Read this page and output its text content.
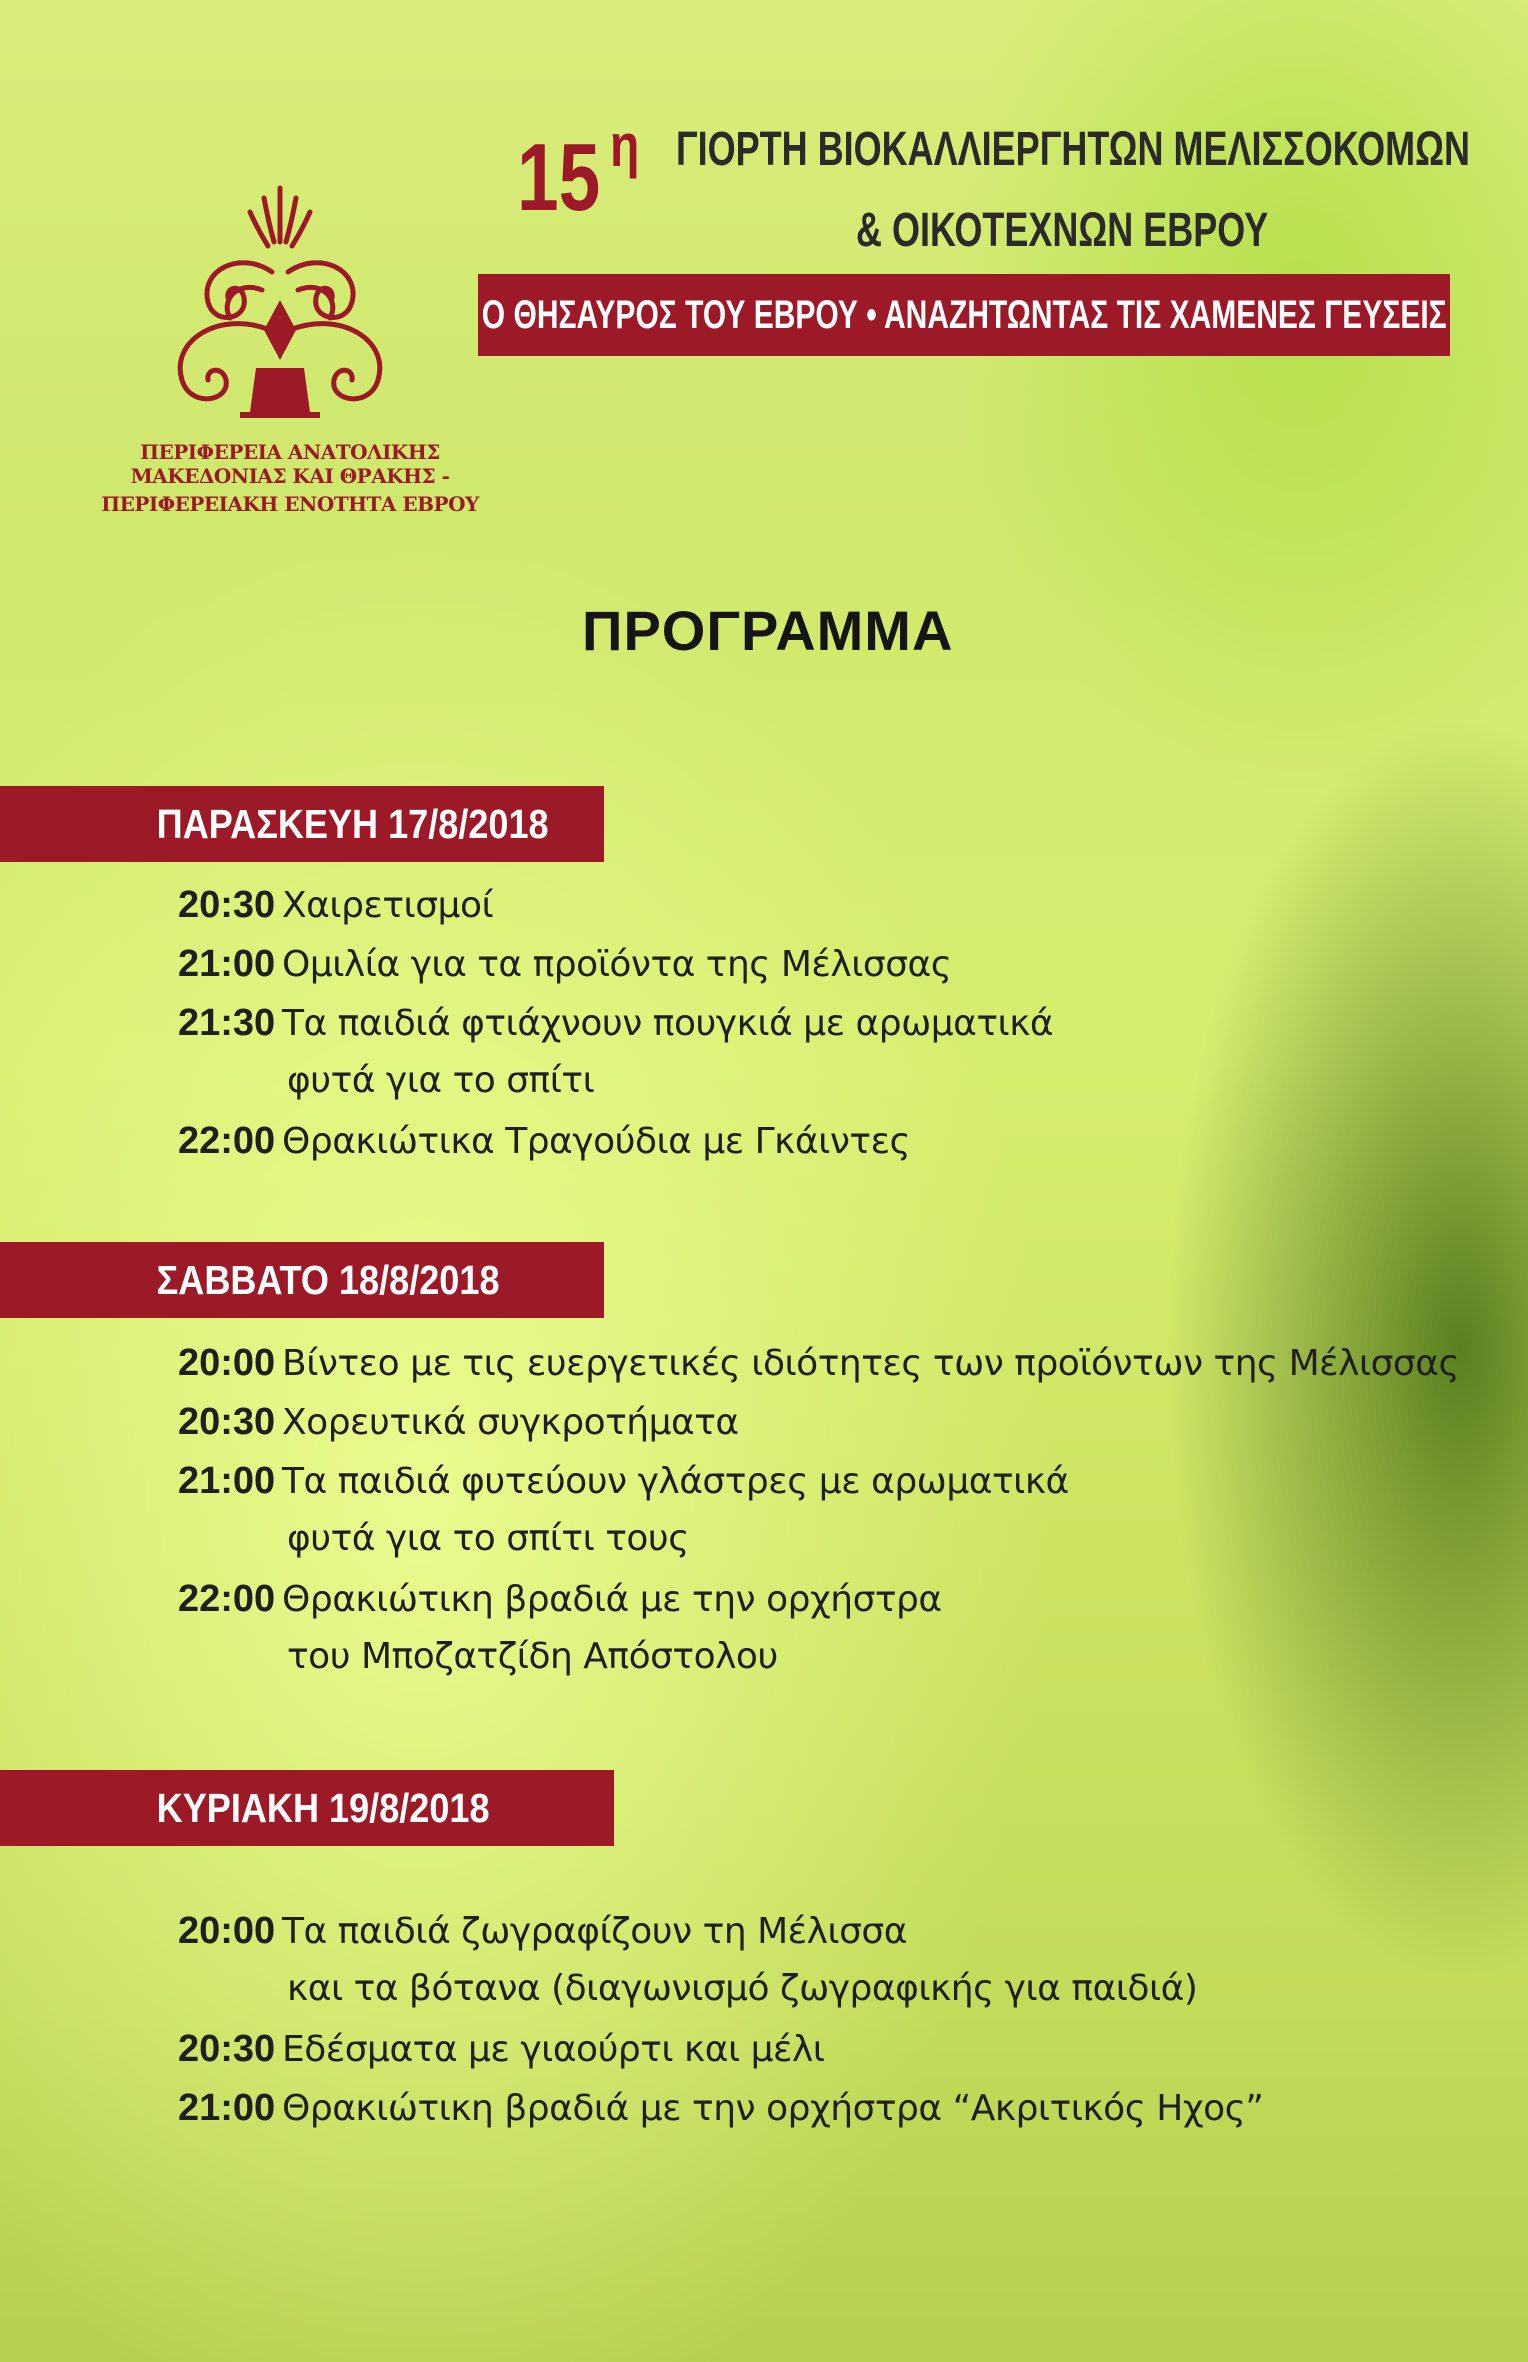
ΠΕΡΙΦΕΡΕΙΑ ΑΝΑΤΟΛΙΚΗΣ ΜΑΚΕΔΟΝΙΑΣ ΚΑΙ ΘΡΑΚΗΣ -
ΠΕΡΙΦΕΡΕΙΑΚΗ ΕΝΟΤΗΤΑ ΕΒΡΟΥ
15 η ΓΙΟΡΤΗ ΒΙΟΚΑΛΛΙΕΡΓΗΤΩΝ ΜΕΛΙΣΣΟΚΟΜΩΝ
& ΟΙΚΟΤΕΧΝΩΝ ΕΒΡΟΥ
Ο ΘΗΣΑΥΡΟΣ ΤΟΥ ΕΒΡΟΥ • ΑΝΑΖΗΤΩΝΤΑΣ ΤΙΣ ΧΑΜΕΝΕΣ ΓΕΥΣΕΙΣ
ΠΡΟΓΡΑΜΜΑ
ΠΑΡΑΣΚΕΥΗ 17/8/2018
20:30 Χαιρετισμοί
21:00 Ομιλία για τα προϊόντα της Μέλισσας
21:30 Τα παιδιά φτιάχνουν πουγκιά με αρωματικά
φυτά για το σπίτι
22:00 Θρακιώτικα Τραγούδια με Γκάιντες
ΣΑΒΒΑΤΟ 18/8/2018
20:00 Βίντεο με τις ευεργετικές ιδιότητες των προϊόντων της Μέλισσας
20:30 Χορευτικά συγκροτήματα
21:00 Τα παιδιά φυτεύουν γλάστρες με αρωματικά
φυτά για το σπίτι τους
22:00 Θρακιώτικη βραδιά με την ορχήστρα
του Μποζατζίδη Απόστολου
ΚΥΡΙΑΚΗ 19/8/2018
20:00 Τα παιδιά ζωγραφίζουν τη Μέλισσα
και τα βότανα (διαγωνισμό ζωγραφικής για παιδιά)
20:30 Εδέσματα με γιαούρτι και μέλι
21:00 Θρακιώτικη βραδιά με την ορχήστρα “Ακριτικός Ηχος”
